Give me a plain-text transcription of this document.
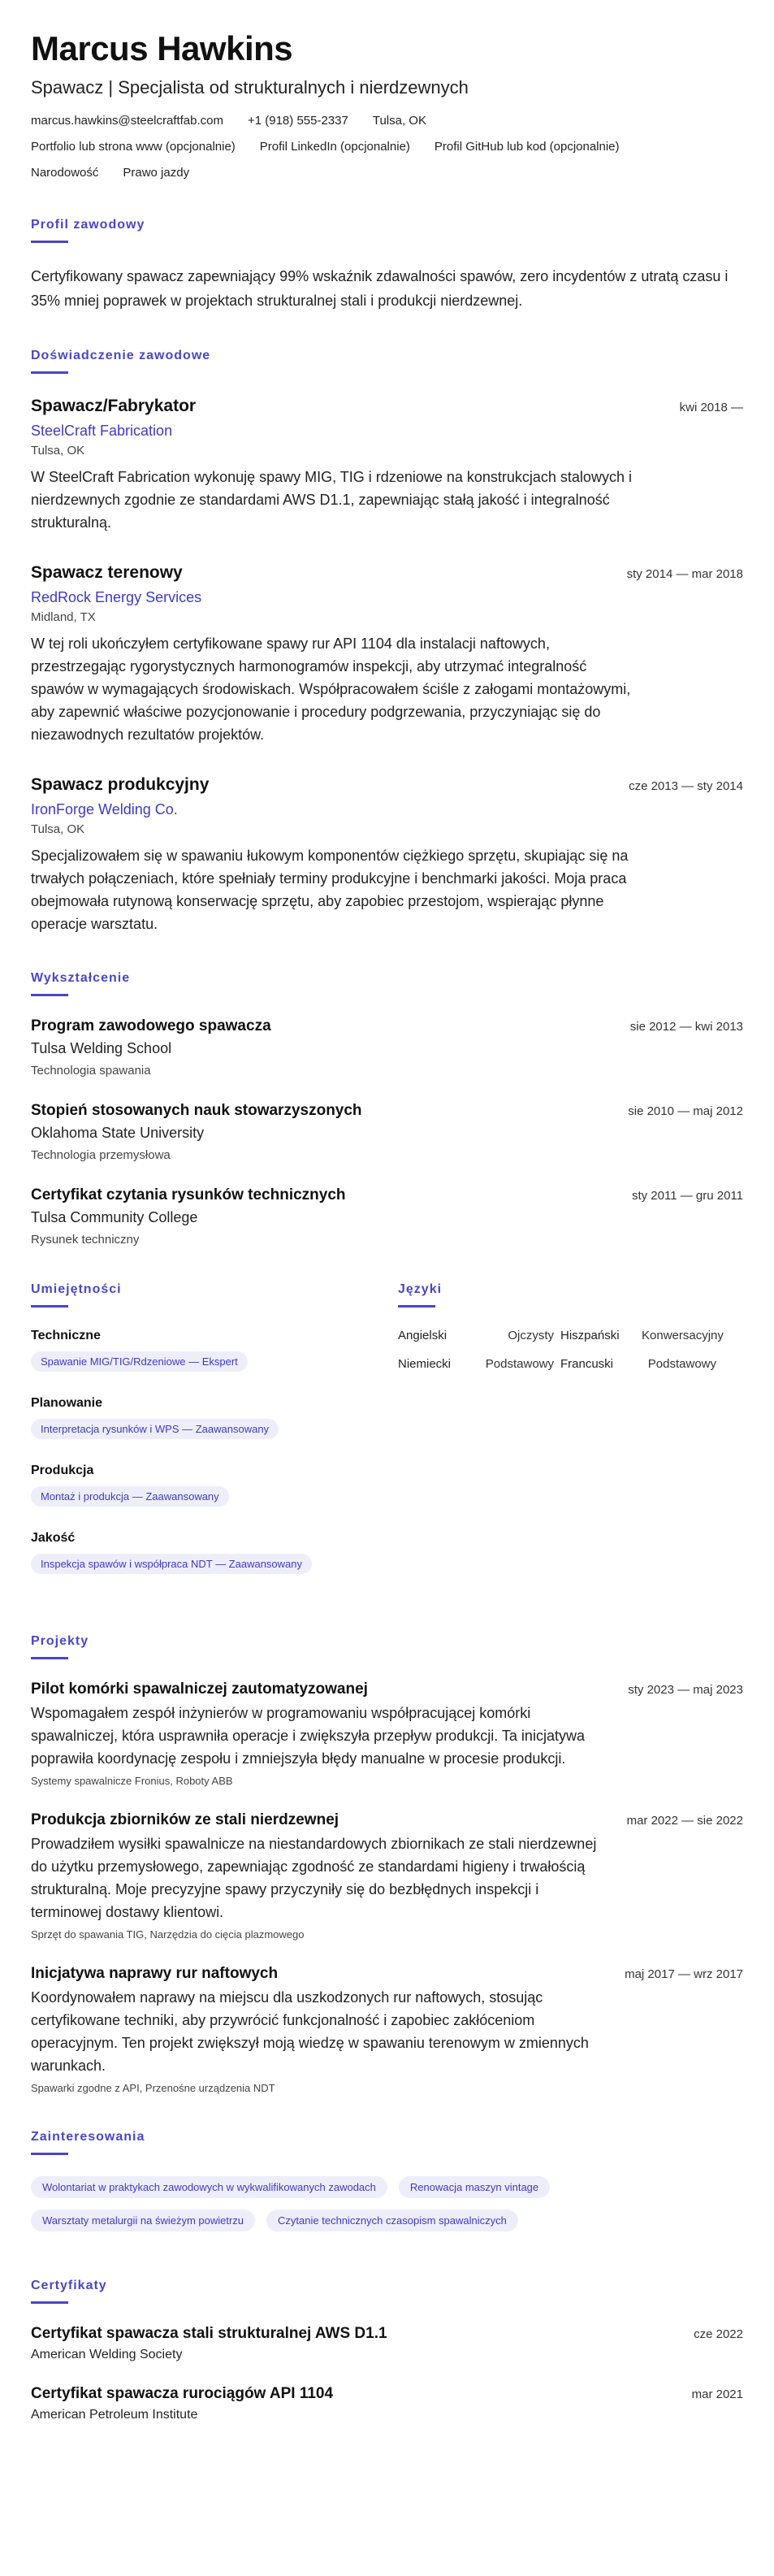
Marcus Hawkins
Spawacz | Specjalista od strukturalnych i nierdzewnych
marcus.hawkins@steelcraftfab.com +1 (918) 555-2337 Tulsa, OK
Portfolio lub strona www (opcjonalnie) Profil LinkedIn (opcjonalnie) Profil GitHub lub kod (opcjonalnie)
Narodowość Prawo jazdy
Profil zawodowy
Certyfikowany spawacz zapewniający 99% wskaźnik zdawalności spawów, zero incydentów z utratą czasu i 35% mniej poprawek w projektach strukturalnej stali i produkcji nierdzewnej.
Doświadczenie zawodowe
Spawacz/Fabrykator	kwi 2018 —
SteelCraft Fabrication
Tulsa, OK
W SteelCraft Fabrication wykonuję spawy MIG, TIG i rdzeniowe na konstrukcjach stalowych i nierdzewnych zgodnie ze standardami AWS D1.1, zapewniając stałą jakość i integralność strukturalną.
Spawacz terenowy	sty 2014 — mar 2018
RedRock Energy Services
Midland, TX
W tej roli ukończyłem certyfikowane spawy rur API 1104 dla instalacji naftowych, przestrzegając rygorystycznych harmonogramów inspekcji, aby utrzymać integralność spawów w wymagających środowiskach. Współpracowałem ściśle z załogami montażowymi, aby zapewnić właściwe pozycjonowanie i procedury podgrzewania, przyczyniając się do niezawodnych rezultatów projektów.
Spawacz produkcyjny	cze 2013 — sty 2014
IronForge Welding Co.
Tulsa, OK
Specjalizowałem się w spawaniu łukowym komponentów ciężkiego sprzętu, skupiając się na trwałych połączeniach, które spełniały terminy produkcyjne i benchmarki jakości. Moja praca obejmowała rutynową konserwację sprzętu, aby zapobiec przestojom, wspierając płynne operacje warsztatu.
Wykształcenie
Program zawodowego spawacza	sie 2012 — kwi 2013
Tulsa Welding School
Technologia spawania
Stopień stosowanych nauk stowarzyszonych	sie 2010 — maj 2012
Oklahoma State University
Technologia przemysłowa
Certyfikat czytania rysunków technicznych	sty 2011 — gru 2011
Tulsa Community College
Rysunek techniczny
Umiejętności
Techniczne
Spawanie MIG/TIG/Rdzeniowe — Ekspert
Planowanie
Interpretacja rysunków i WPS — Zaawansowany
Produkcja
Montaż i produkcja — Zaawansowany
Jakość
Inspekcja spawów i współpraca NDT — Zaawansowany
Języki
Angielski	Ojczysty Hiszpański	Konwersacyjny
Niemiecki	Podstawowy Francuski	Podstawowy
Projekty
Pilot komórki spawalniczej zautomatyzowanej	sty 2023 — maj 2023
Wspomagałem zespół inżynierów w programowaniu współpracującej komórki spawalniczej, która usprawniła operacje i zwiększyła przepływ produkcji. Ta inicjatywa poprawiła koordynację zespołu i zmniejszyła błędy manualne w procesie produkcji.
Systemy spawalnicze Fronius, Roboty ABB
Produkcja zbiorników ze stali nierdzewnej	mar 2022 — sie 2022
Prowadziłem wysiłki spawalnicze na niestandardowych zbiornikach ze stali nierdzewnej do użytku przemysłowego, zapewniając zgodność ze standardami higieny i trwałością strukturalną. Moje precyzyjne spawy przyczyniły się do bezbłędnych inspekcji i terminowej dostawy klientowi.
Sprzęt do spawania TIG, Narzędzia do cięcia plazmowego
Inicjatywa naprawy rur naftowych	maj 2017 — wrz 2017
Koordynowałem naprawy na miejscu dla uszkodzonych rur naftowych, stosując certyfikowane techniki, aby przywrócić funkcjonalność i zapobiec zakłóceniom operacyjnym. Ten projekt zwiększył moją wiedzę w spawaniu terenowym w zmiennych warunkach.
Spawarki zgodne z API, Przenośne urządzenia NDT
Zainteresowania
Wolontariat w praktykach zawodowych w wykwalifikowanych zawodach	Renowacja maszyn vintage
Warsztaty metalurgii na świeżym powietrzu	Czytanie technicznych czasopism spawalniczych
Certyfikaty
Certyfikat spawacza stali strukturalnej AWS D1.1	cze 2022
American Welding Society
Certyfikat spawacza rurociągów API 1104	mar 2021
American Petroleum Institute
